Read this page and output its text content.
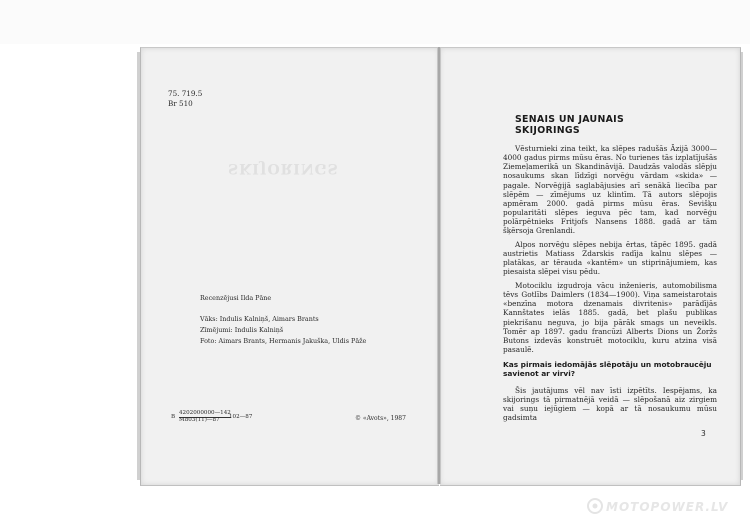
75. 719.5

Br 510

SKIJORINGS

Recenzējusi Ilda Pāne

Vāks: Indulis Kalniņš, Aimars Brants

Zīmējumi: Indulis Kalniņš

Foto: Aimars Brants, Hermanis Jakuška, Uldis Pāže

B
4202000000—142
M803(11)—87 102—87	© «Avots», 1987

SENAIS UN JAUNAIS

SKIJORINGS

Vēsturnieki zina teikt, ka slēpes radušās Āzijā 3000—4000 gadus pirms mūsu ēras. No turienes tās izplatījušās Ziemeļamerikā un Skandināvijā. Daudzās valodās slēpju nosaukums skan līdzīgi norvēģu vārdam «skida» — pagale. Norvēģijā saglabājusies arī senākā liecība par slēpēm — zīmējums uz klintīm. Tā autors slēpojis apmēram 2000. gadā pirms mūsu ēras. Sevišķu popularitāti slēpes ieguva pēc tam, kad norvēģu polārpētnieks Fritjofs Nansens 1888. gadā ar tām šķērsoja Grenlandi.

Alpos norvēģu slēpes nebija ērtas, tāpēc 1895. gadā austrietis Matiass Zdarskis radīja kalnu slēpes — platākas, ar tērauda «kantēm» un stiprinājumiem, kas piesaista slēpei visu pēdu.

Motociklu izgudroja vācu inženieris, automobilisma tēvs Gotlībs Daimlers (1834—1900). Viņa sameistarotais «benzīna motora dzenamais divritenis» parādījās Kannštates ielās 1885. gadā, bet plašu publikas piekrišanu neguva, jo bija pārāk smags un neveikls. Tomēr ap 1897. gadu francūzi Alberts Dions un Žoržs Butons izdevās konstruēt motociklu, kuru atzina visā pasaulē.

Kas pirmais iedomājās slēpotāju un motobraucēju savienot ar virvi?

Šis jautājums vēl nav īsti izpētīts. Iespējams, ka skijorings tā pirmatnējā veidā — slēpošanā aiz zirgiem vai suņu iejūgiem — kopā ar tā nosaukumu mūsu gadsimta

3

MOTOPOWER.LV
